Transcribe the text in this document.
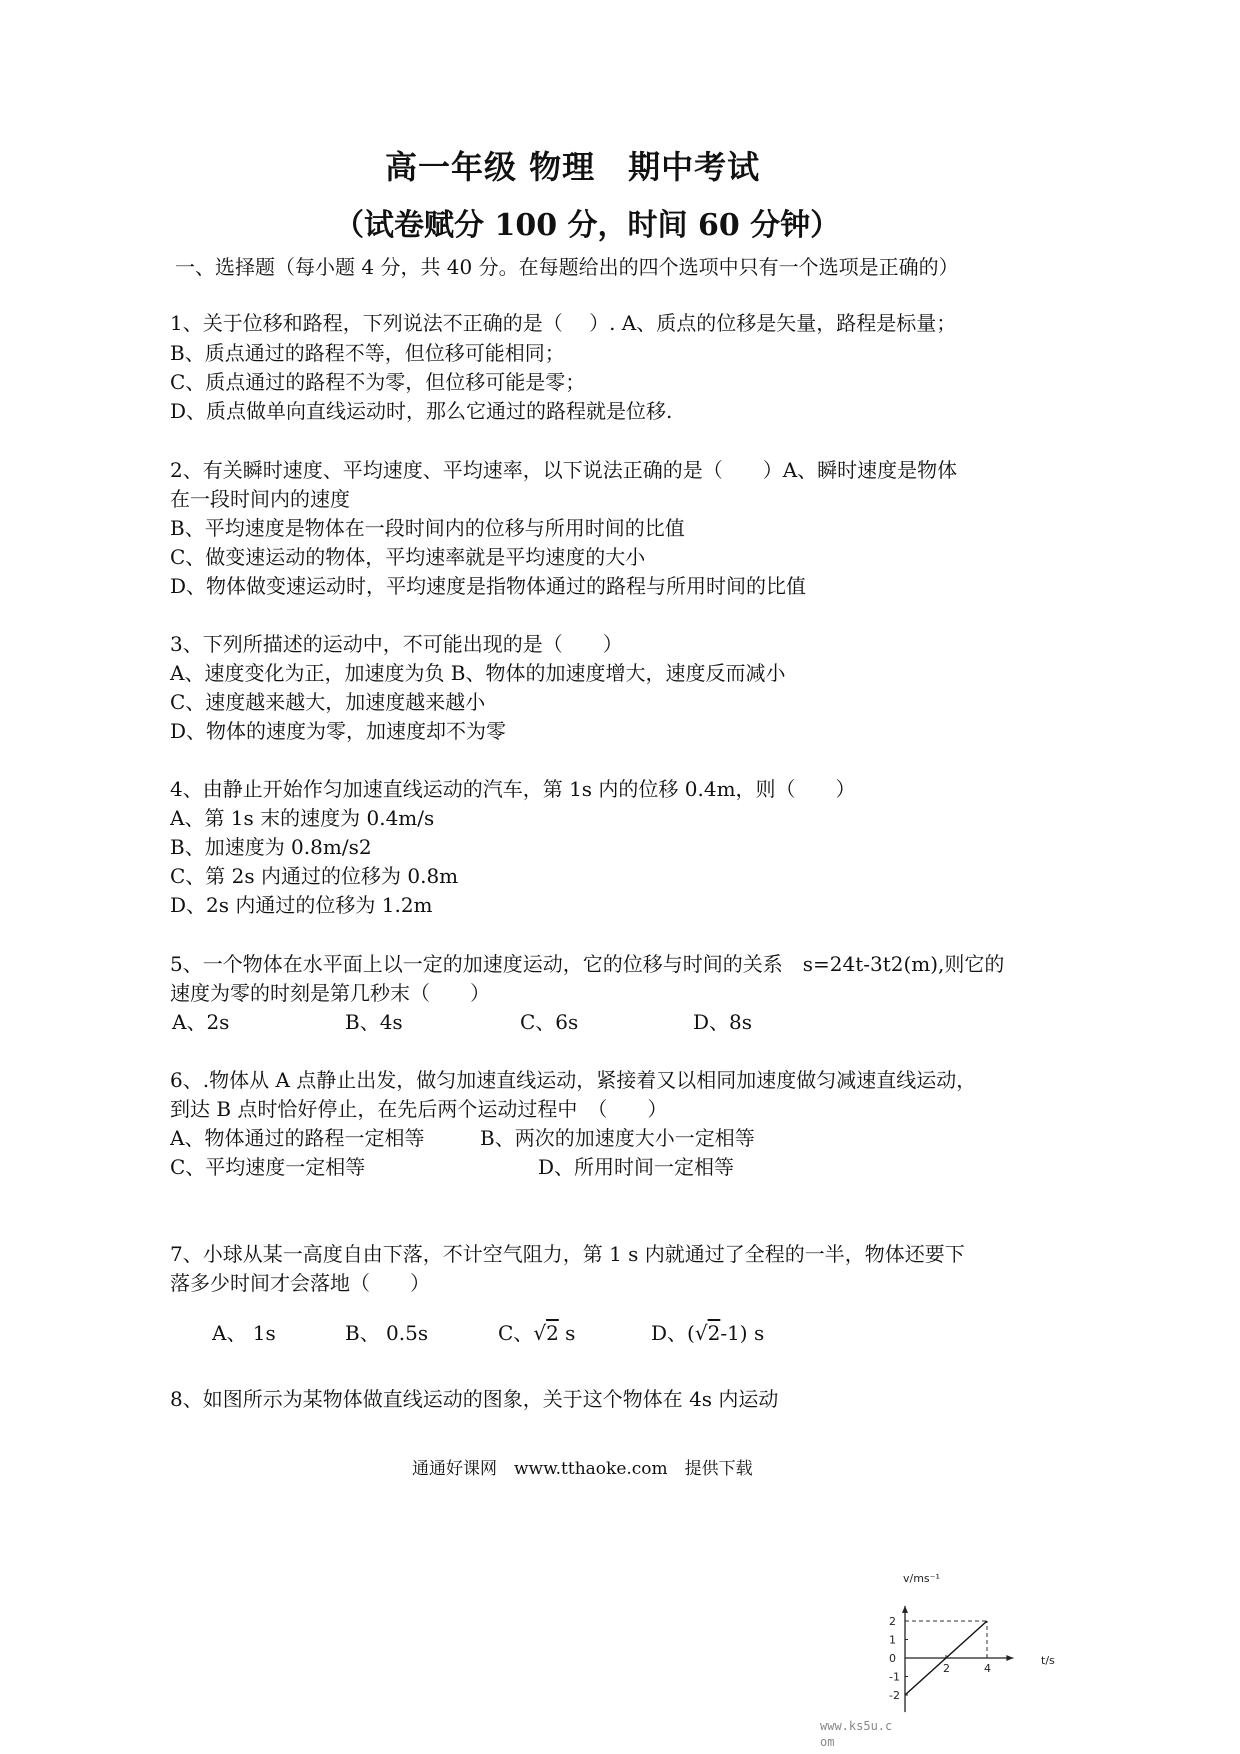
高一年级 物理　期中考试
（试卷赋分 100 分，时间 60 分钟）
一、选择题（每小题 4 分，共 40 分。在每题给出的四个选项中只有一个选项是正确的）
1、关于位移和路程，下列说法不正确的是（　 ）. A、质点的位移是矢量，路程是标量；
B、质点通过的路程不等，但位移可能相同；
C、质点通过的路程不为零，但位移可能是零；
D、质点做单向直线运动时，那么它通过的路程就是位移.
2、有关瞬时速度、平均速度、平均速率，以下说法正确的是（　　）A、瞬时速度是物体
在一段时间内的速度
B、平均速度是物体在一段时间内的位移与所用时间的比值
C、做变速运动的物体，平均速率就是平均速度的大小
D、物体做变速运动时，平均速度是指物体通过的路程与所用时间的比值
3、下列所描述的运动中，不可能出现的是（　　）
A、速度变化为正，加速度为负 B、物体的加速度增大，速度反而减小
C、速度越来越大，加速度越来越小
D、物体的速度为零，加速度却不为零
4、由静止开始作匀加速直线运动的汽车，第 1s 内的位移 0.4m，则（　　）
A、第 1s 末的速度为 0.4m/s
B、加速度为 0.8m/s2
C、第 2s 内通过的位移为 0.8m
D、2s 内通过的位移为 1.2m
5、一个物体在水平面上以一定的加速度运动，它的位移与时间的关系　s=24t-3t2(m),则它的
速度为零的时刻是第几秒末（　　）
A、2s	B、4s	C、6s	D、8s
6、.物体从 A 点静止出发，做匀加速直线运动，紧接着又以相同加速度做匀减速直线运动，
到达 B 点时恰好停止，在先后两个运动过程中　（　　）
A、物体通过的路程一定相等	B、两次的加速度大小一定相等
C、平均速度一定相等	D、所用时间一定相等
7、小球从某一高度自由下落，不计空气阻力，第 1 s 内就通过了全程的一半，物体还要下
落多少时间才会落地（　　）
A、 1s	B、 0.5s	C、√2 s	D、(√2-1) s
8、如图所示为某物体做直线运动的图象，关于这个物体在 4s 内运动
v/ms⁻¹
t/s
2	4
2
1
0
-1
-2
通通好课网　www.tthaoke.com　提供下载
www.ks5u.c
om
